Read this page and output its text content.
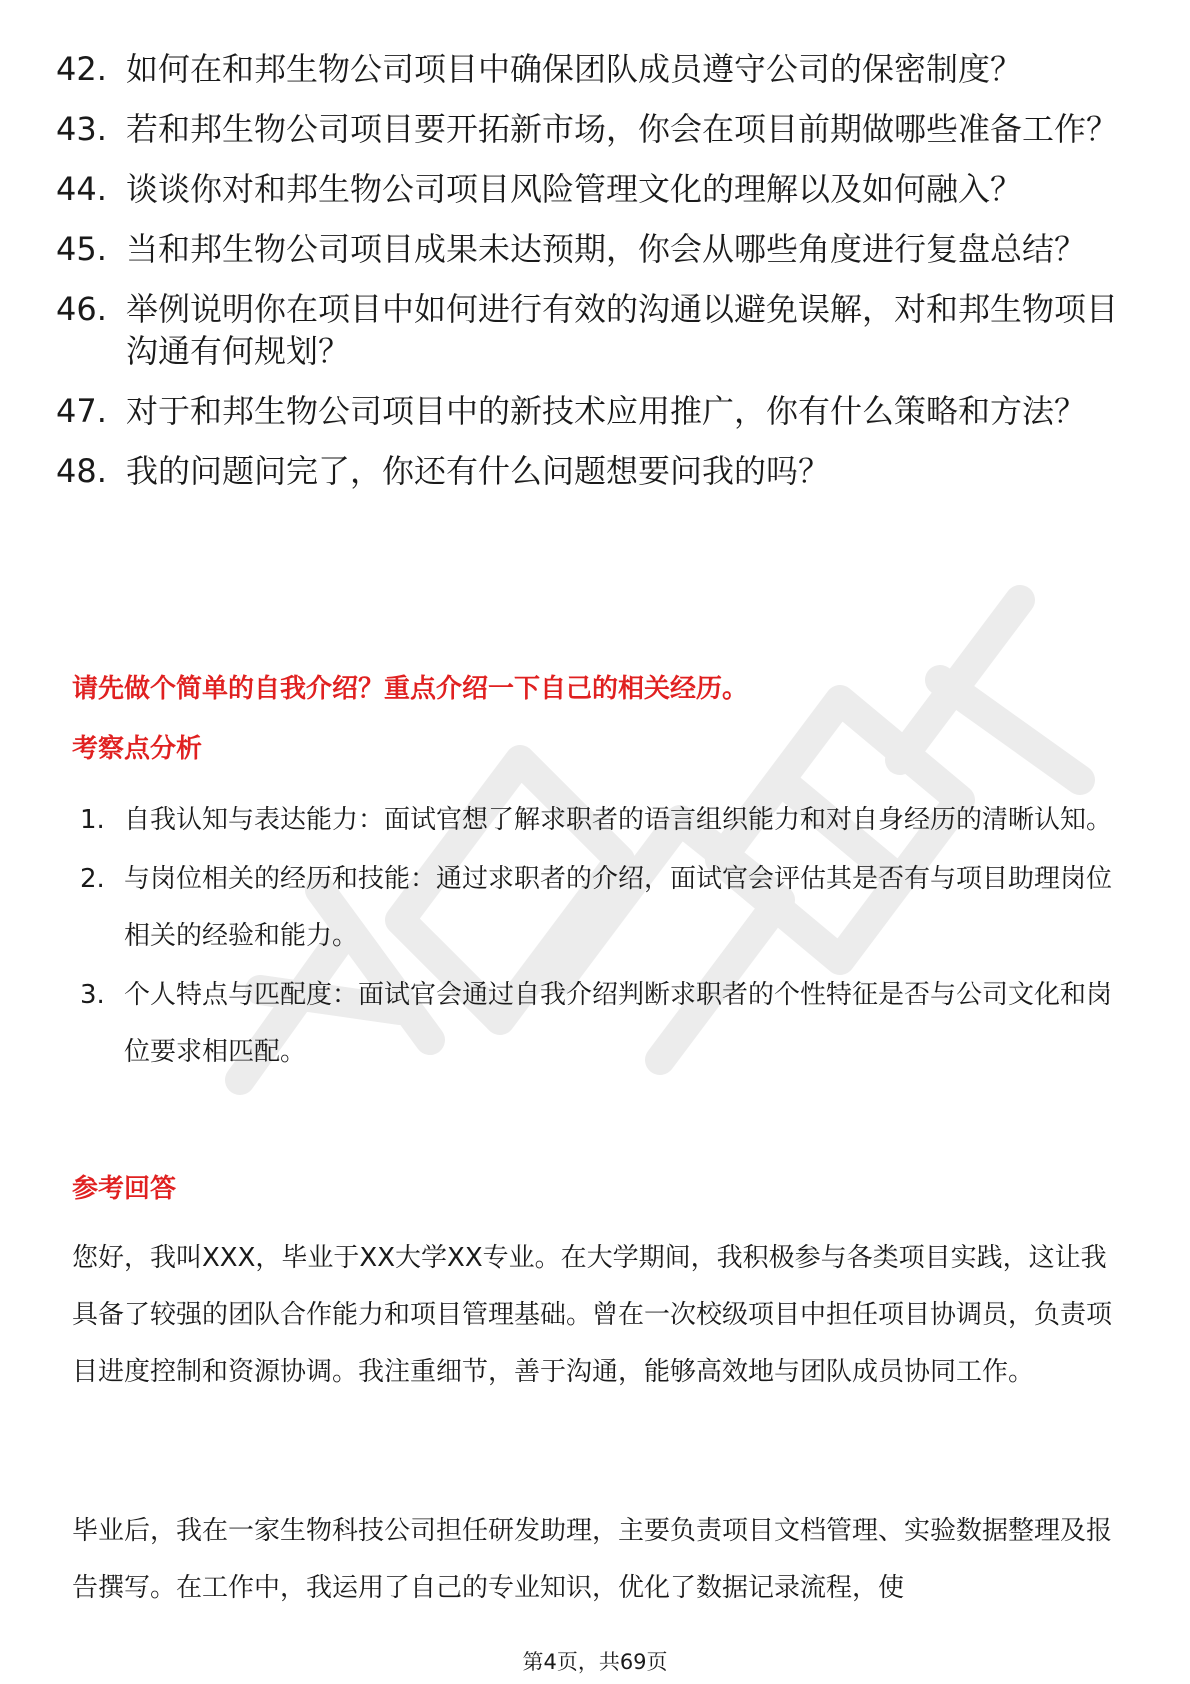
42. 如何在和邦生物公司项目中确保团队成员遵守公司的保密制度？
43. 若和邦生物公司项目要开拓新市场，你会在项目前期做哪些准备工作？
44. 谈谈你对和邦生物公司项目风险管理文化的理解以及如何融入？
45. 当和邦生物公司项目成果未达预期，你会从哪些角度进行复盘总结？
46. 举例说明你在项目中如何进行有效的沟通以避免误解，对和邦生物项目沟通有何规划？
47. 对于和邦生物公司项目中的新技术应用推广，你有什么策略和方法？
48. 我的问题问完了，你还有什么问题想要问我的吗？
请先做个简单的自我介绍？重点介绍一下自己的相关经历。
考察点分析
1. 自我认知与表达能力：面试官想了解求职者的语言组织能力和对自身经历的清晰认知。
2. 与岗位相关的经历和技能：通过求职者的介绍，面试官会评估其是否有与项目助理岗位相关的经验和能力。
3. 个人特点与匹配度：面试官会通过自我介绍判断求职者的个性特征是否与公司文化和岗位要求相匹配。
参考回答

您好，我叫XXX，毕业于XX大学XX专业。在大学期间，我积极参与各类项目实践，这让我具备了较强的团队合作能力和项目管理基础。曾在一次校级项目中担任项目协调员，负责项目进度控制和资源协调。我注重细节，善于沟通，能够高效地与团队成员协同工作。

毕业后，我在一家生物科技公司担任研发助理，主要负责项目文档管理、实验数据整理及报告撰写。在工作中，我运用了自己的专业知识，优化了数据记录流程，使

第4页，共69页
